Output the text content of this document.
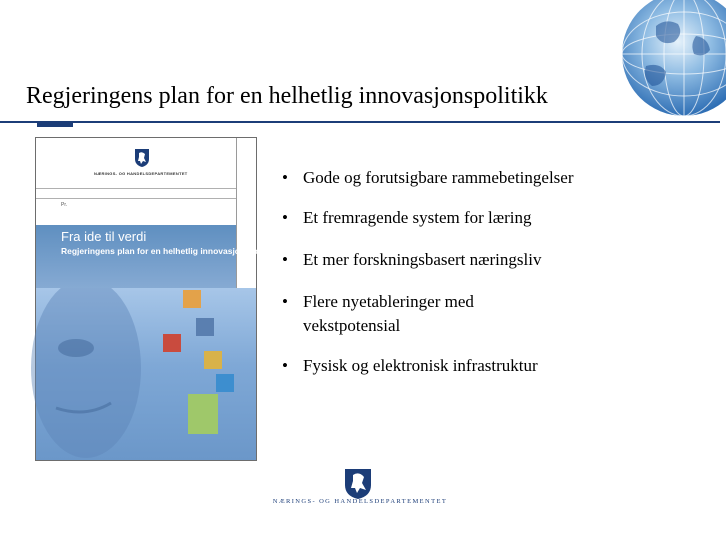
Regjeringens plan for en helhetlig innovasjonspolitikk
NÆRINGS- OG HANDELSDEPARTEMENTET
Pr.
Fra ide til verdi
Regjeringens plan for en helhetlig innovasjonspolitikk
• Gode og forutsigbare rammebetingelser
• Et fremragende system for læring
• Et mer forskningsbasert næringsliv
• Flere nyetableringer med vekstpotensial
• Fysisk og elektronisk infrastruktur
NÆRINGS- OG HANDELSDEPARTEMENTET
